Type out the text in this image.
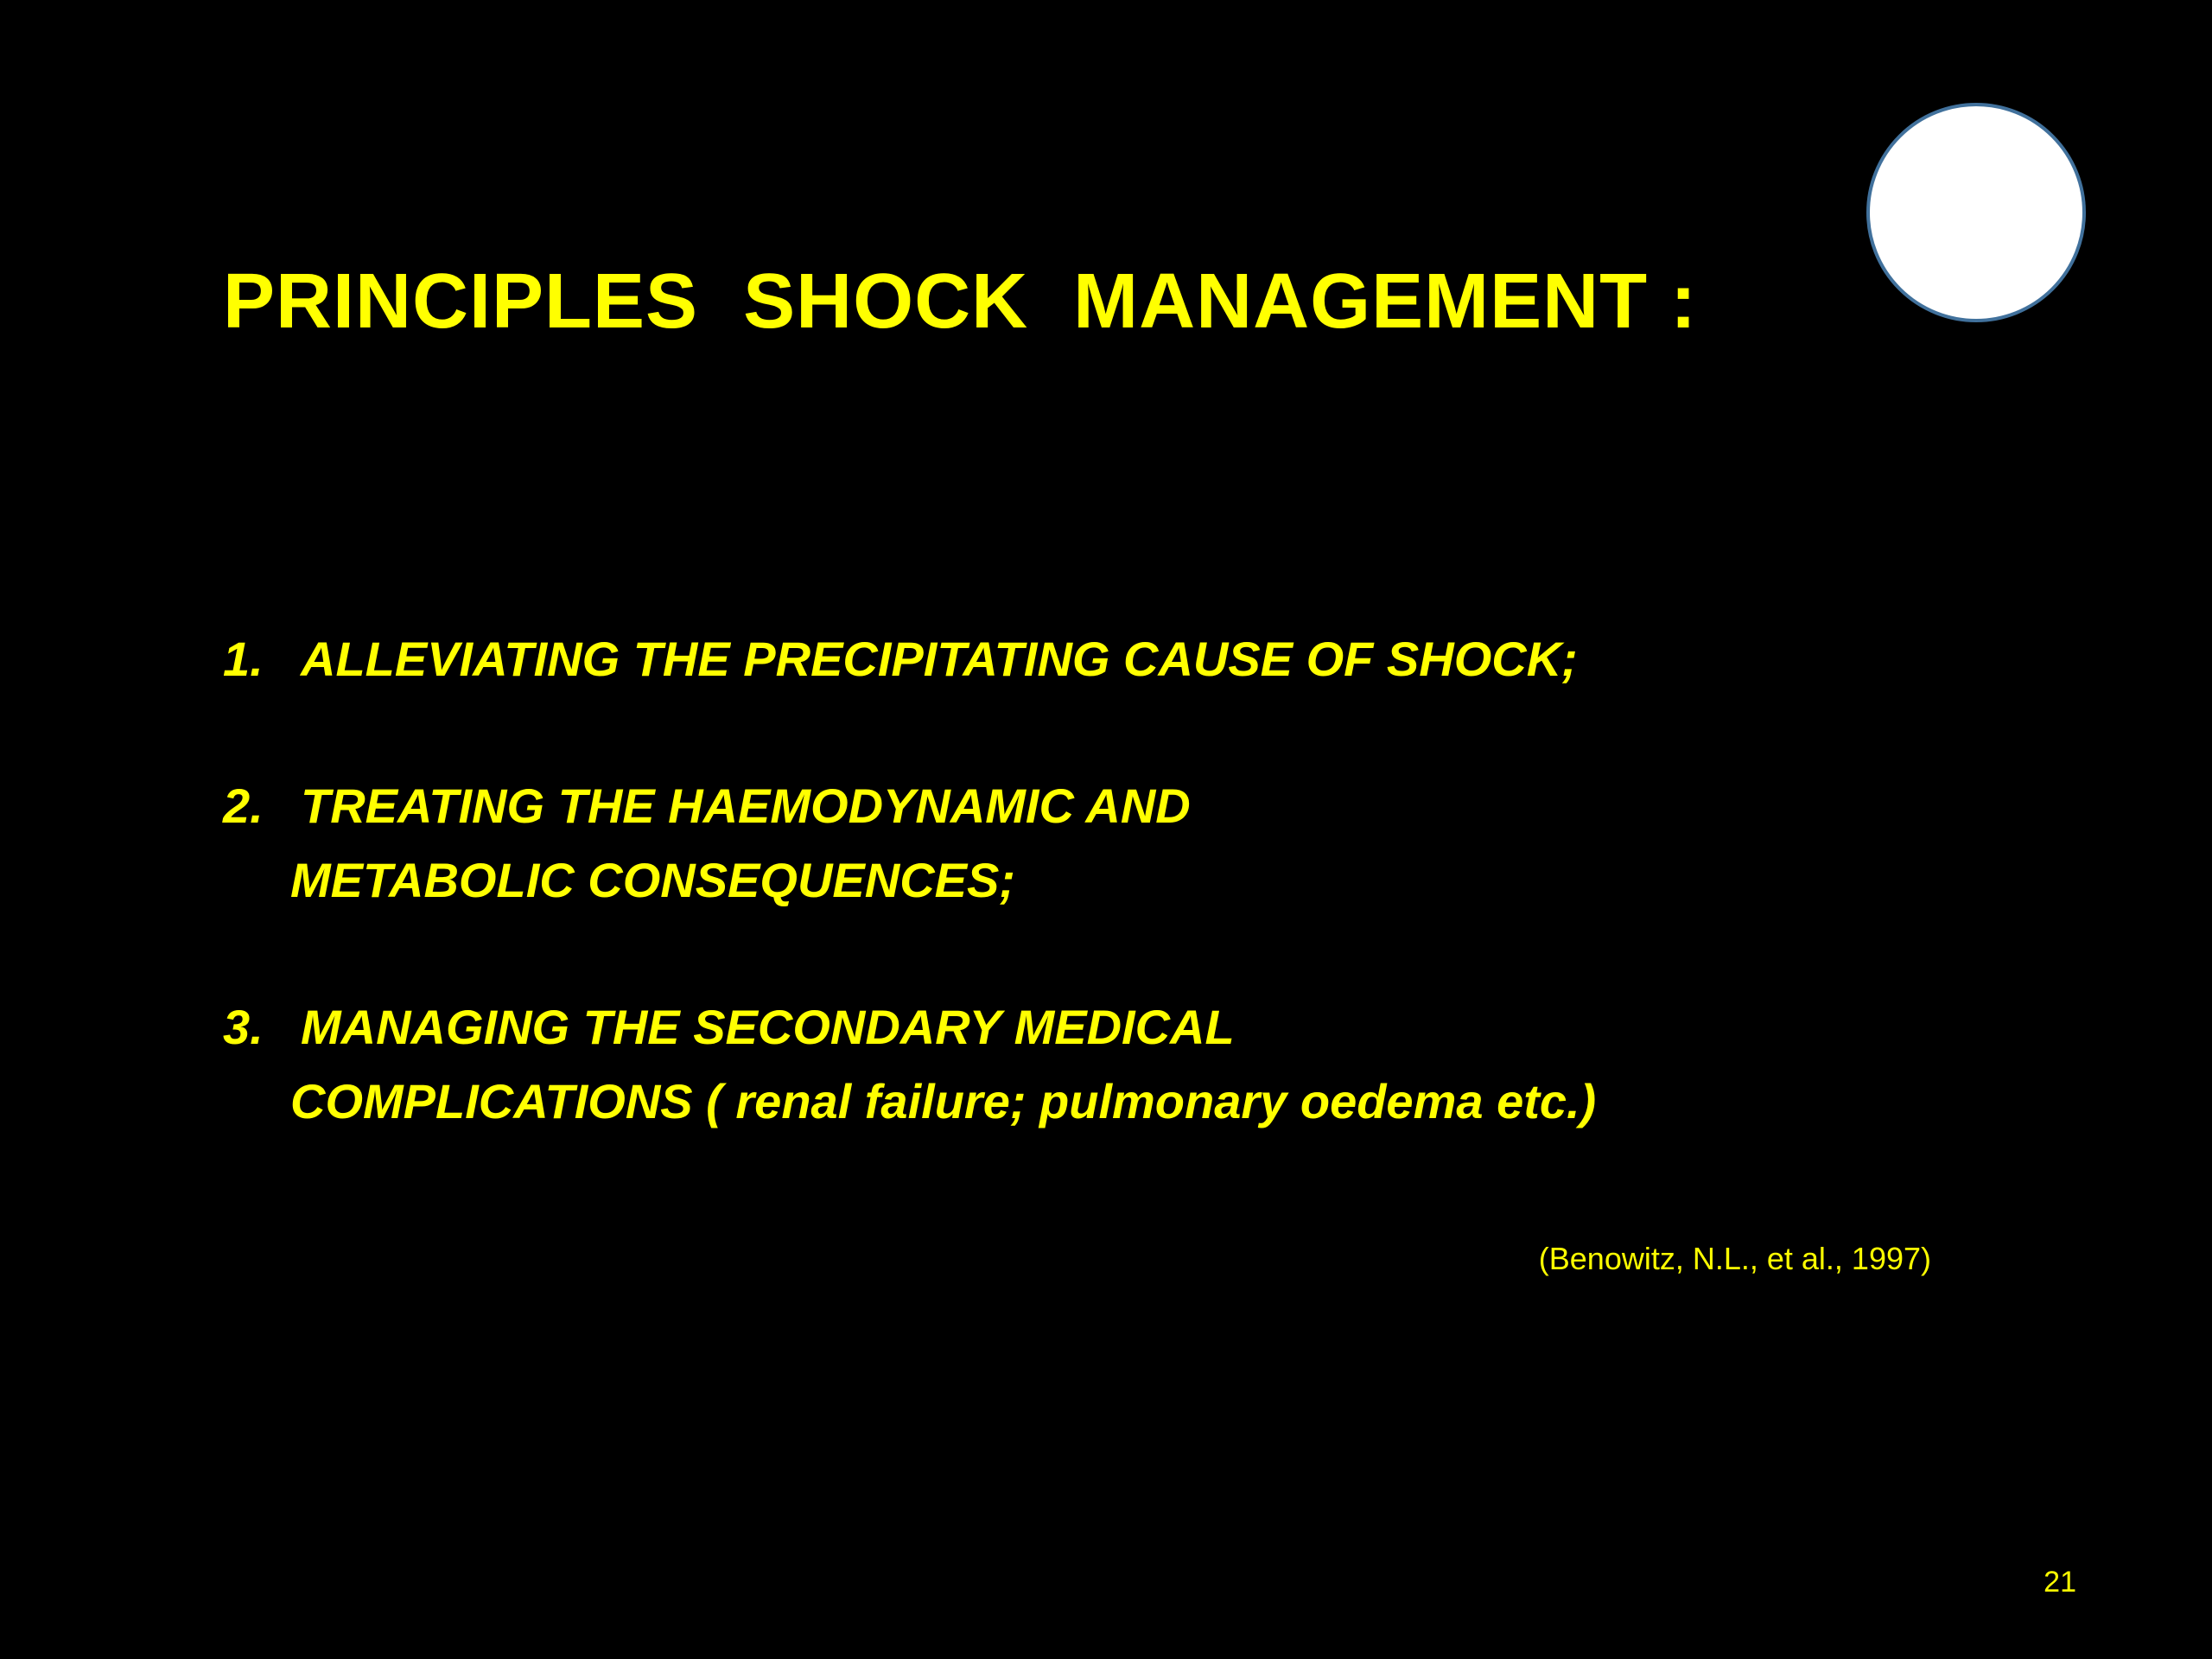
PRINCIPLES  SHOCK  MANAGEMENT :
1. ALLEVIATING THE PRECIPITATING CAUSE OF SHOCK;
2. TREATING THE HAEMODYNAMIC AND
METABOLIC CONSEQUENCES;
3. MANAGING THE SECONDARY MEDICAL
COMPLICATIONS ( renal failure; pulmonary oedema etc.)
(Benowitz, N.L., et al., 1997)
21
